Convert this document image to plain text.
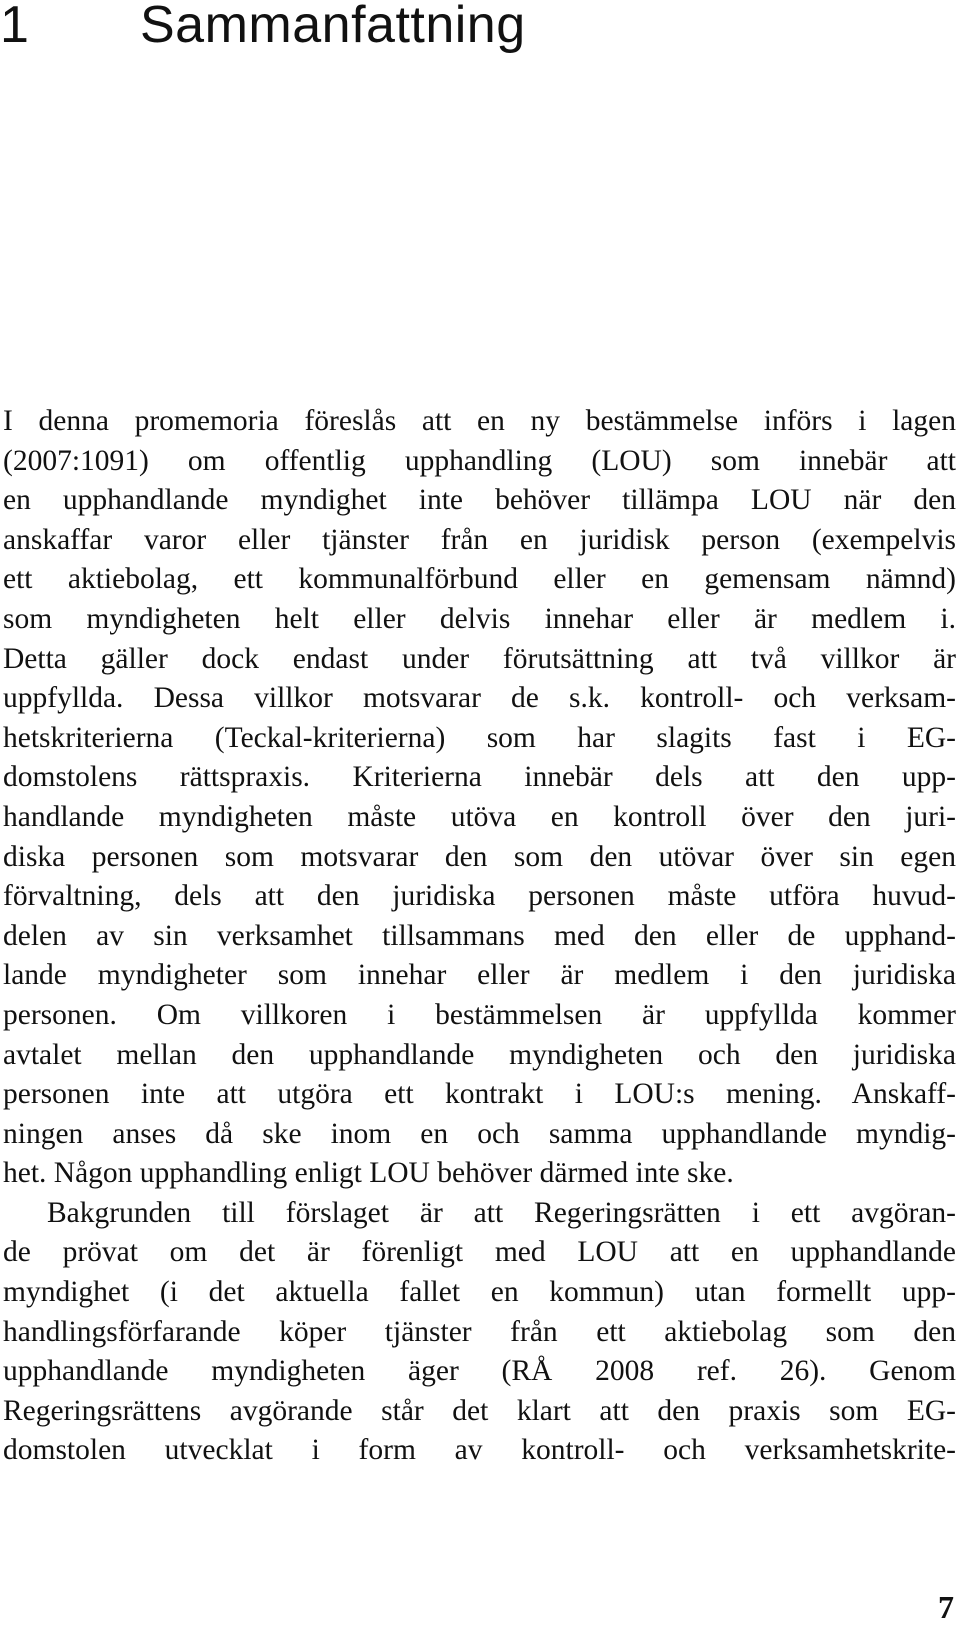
1 Sammanfattning
I denna promemoria föreslås att en ny bestämmelse införs i lagen
(2007:1091) om offentlig upphandling (LOU) som innebär att
en upphandlande myndighet inte behöver tillämpa LOU när den
anskaffar varor eller tjänster från en juridisk person (exempelvis
ett aktiebolag, ett kommunalförbund eller en gemensam nämnd)
som myndigheten helt eller delvis innehar eller är medlem i.
Detta gäller dock endast under förutsättning att två villkor är
uppfyllda. Dessa villkor motsvarar de s.k. kontroll- och verksam-
hetskriterierna (Teckal-kriterierna) som har slagits fast i EG-
domstolens rättspraxis. Kriterierna innebär dels att den upp-
handlande myndigheten måste utöva en kontroll över den juri-
diska personen som motsvarar den som den utövar över sin egen
förvaltning, dels att den juridiska personen måste utföra huvud-
delen av sin verksamhet tillsammans med den eller de upphand-
lande myndigheter som innehar eller är medlem i den juridiska
personen. Om villkoren i bestämmelsen är uppfyllda kommer
avtalet mellan den upphandlande myndigheten och den juridiska
personen inte att utgöra ett kontrakt i LOU:s mening. Anskaff-
ningen anses då ske inom en och samma upphandlande myndig-
het. Någon upphandling enligt LOU behöver därmed inte ske.
Bakgrunden till förslaget är att Regeringsrätten i ett avgöran-
de prövat om det är förenligt med LOU att en upphandlande
myndighet (i det aktuella fallet en kommun) utan formellt upp-
handlingsförfarande köper tjänster från ett aktiebolag som den
upphandlande myndigheten äger (RÅ 2008 ref. 26). Genom
Regeringsrättens avgörande står det klart att den praxis som EG-
domstolen utvecklat i form av kontroll- och verksamhetskrite-
7
